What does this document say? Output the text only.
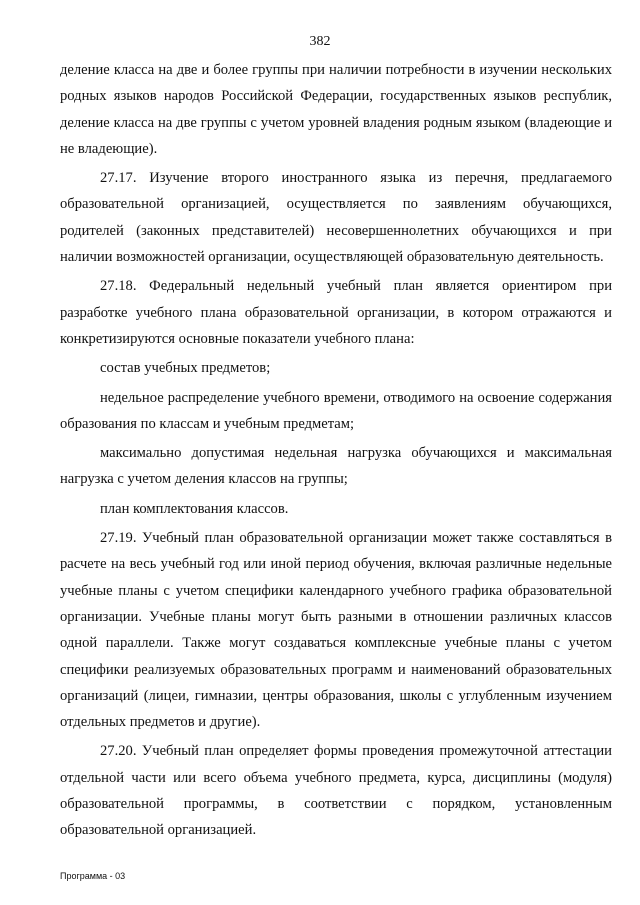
382

деление класса на две и более группы при наличии потребности в изучении нескольких родных языков народов Российской Федерации, государственных языков республик, деление класса на две группы с учетом уровней владения родным языком (владеющие и не владеющие).

27.17. Изучение второго иностранного языка из перечня, предлагаемого образовательной организацией, осуществляется по заявлениям обучающихся, родителей (законных представителей) несовершеннолетних обучающихся и при наличии возможностей организации, осуществляющей образовательную деятельность.

27.18. Федеральный недельный учебный план является ориентиром при разработке учебного плана образовательной организации, в котором отражаются и конкретизируются основные показатели учебного плана:

состав учебных предметов;

недельное распределение учебного времени, отводимого на освоение содержания образования по классам и учебным предметам;

максимально допустимая недельная нагрузка обучающихся и максимальная нагрузка с учетом деления классов на группы;

план комплектования классов.

27.19. Учебный план образовательной организации может также составляться в расчете на весь учебный год или иной период обучения, включая различные недельные учебные планы с учетом специфики календарного учебного графика образовательной организации. Учебные планы могут быть разными в отношении различных классов одной параллели. Также могут создаваться комплексные учебные планы с учетом специфики реализуемых образовательных программ и наименований образовательных организаций (лицеи, гимназии, центры образования, школы с углубленным изучением отдельных предметов и другие).

27.20. Учебный план определяет формы проведения промежуточной аттестации отдельной части или всего объема учебного предмета, курса, дисциплины (модуля) образовательной программы, в соответствии с порядком, установленным образовательной организацией.

Программа - 03
